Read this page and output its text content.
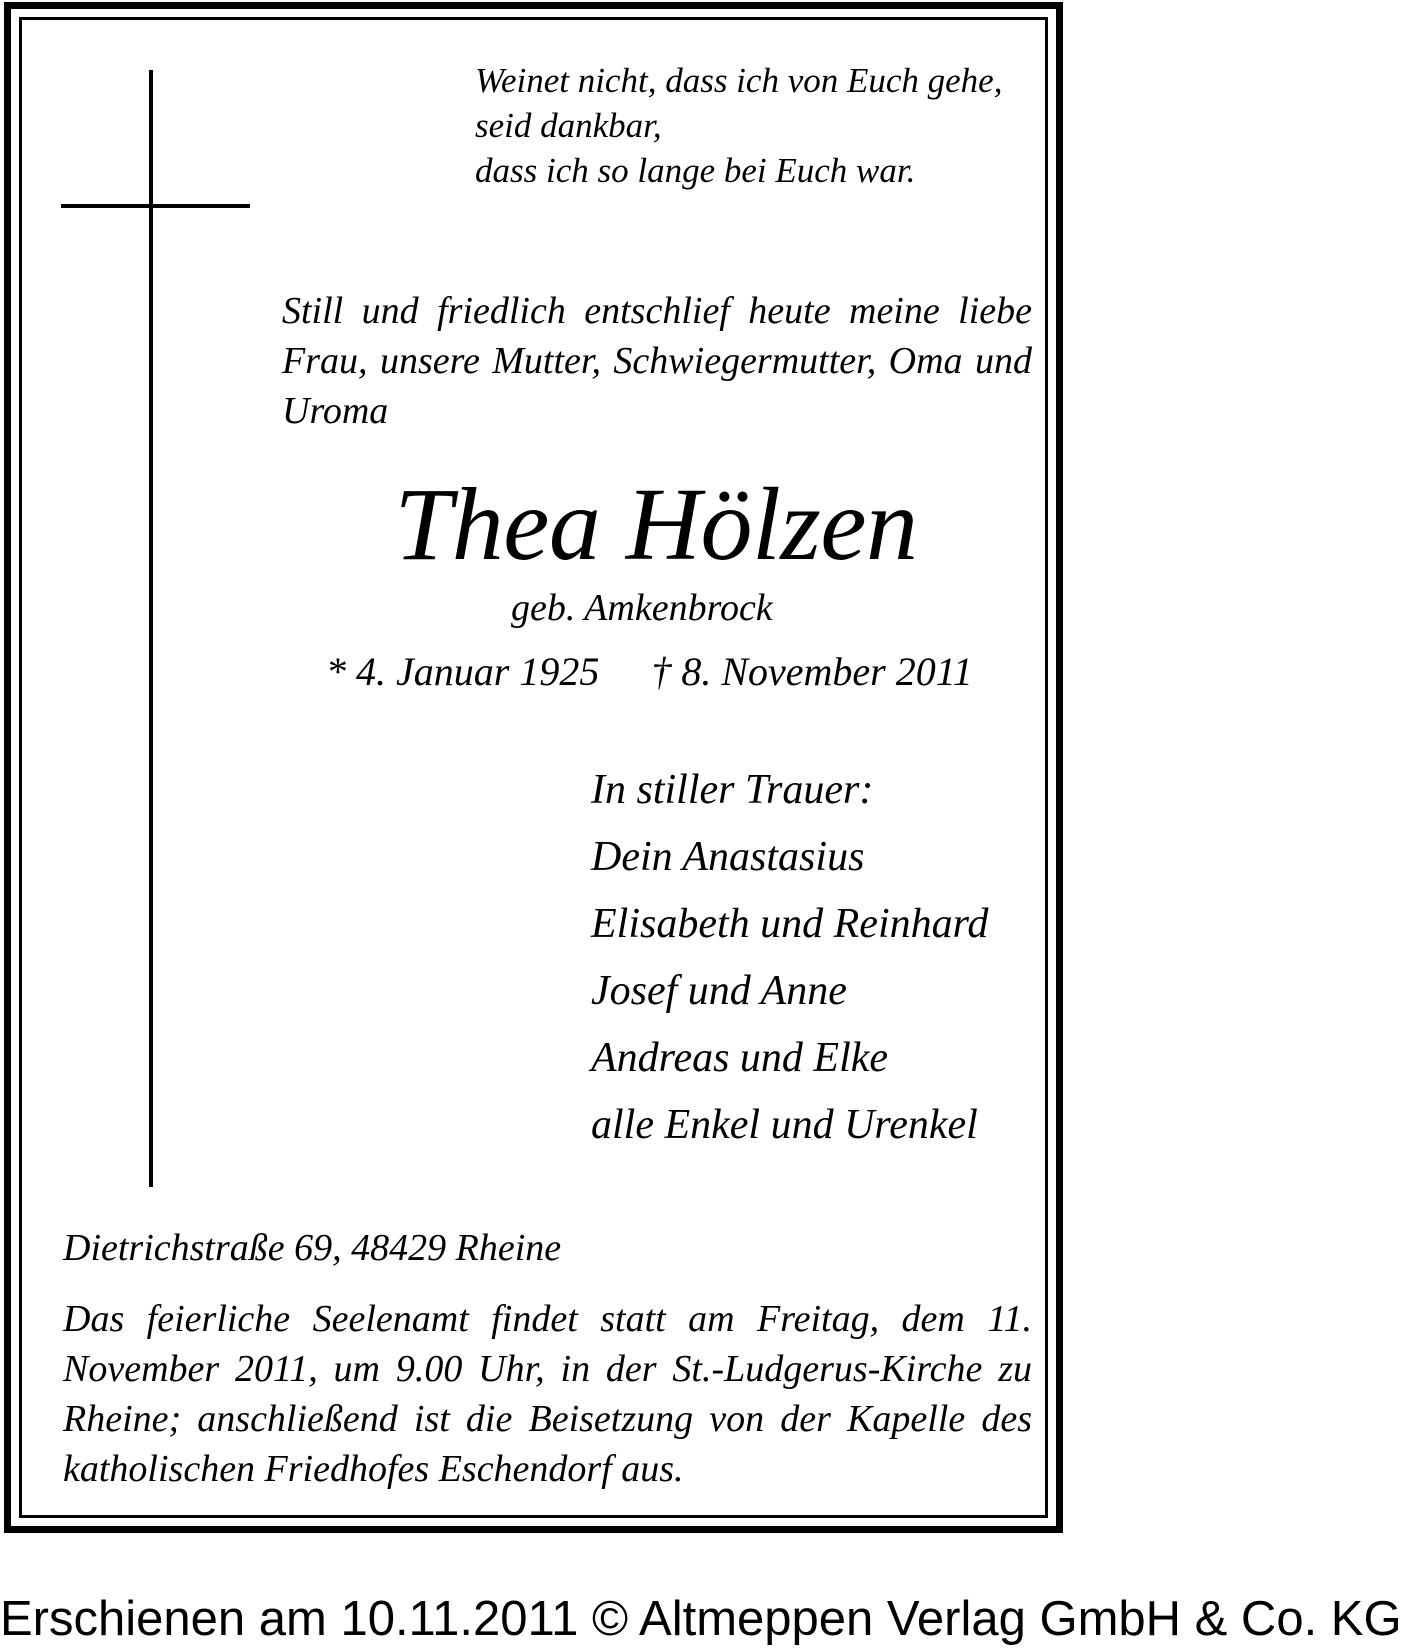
Weinet nicht, dass ich von Euch gehe,
seid dankbar,
dass ich so lange bei Euch war.
Still und friedlich entschlief heute meine liebe Frau, unsere Mutter, Schwiegermutter, Oma und Uroma
Thea Hölzen
geb. Amkenbrock
* 4. Januar 1925 † 8. November 2011
In stiller Trauer:
Dein Anastasius
Elisabeth und Reinhard
Josef und Anne
Andreas und Elke
alle Enkel und Urenkel
Dietrichstraße 69, 48429 Rheine
Das feierliche Seelenamt findet statt am Freitag, dem 11. November 2011, um 9.00 Uhr, in der St.-Ludgerus-Kirche zu Rheine; anschließend ist die Beisetzung von der Kapelle des katholischen Friedhofes Eschendorf aus.
Erschienen am 10.11.2011 © Altmeppen Verlag GmbH & Co. KG
